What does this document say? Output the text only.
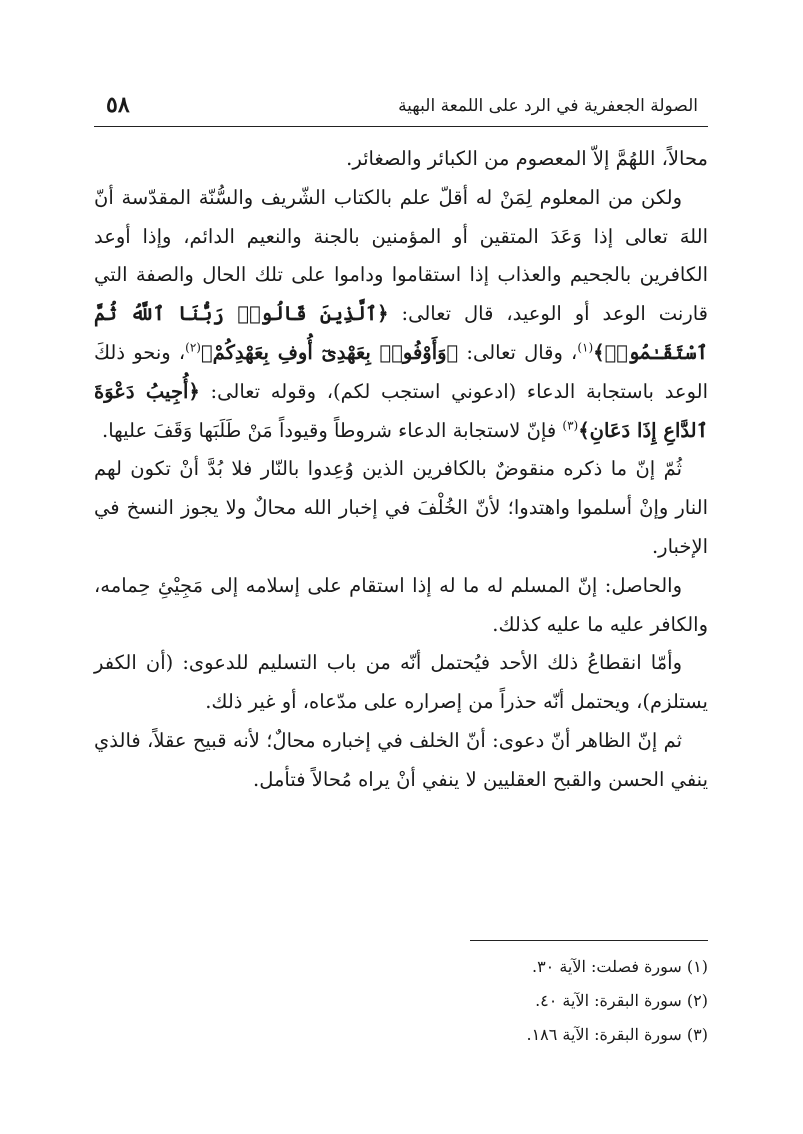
الصولة الجعفرية في الرد على اللمعة البهية
٥٨

محالاً، اللهُمَّ إلاّ المعصوم من الكبائر والصغائر.

ولكن من المعلوم لِمَنْ له أقلّ علم بالكتاب الشّريف والسُّنّة المقدّسة أنّ اللهَ تعالى إذا وَعَدَ المتقين أو المؤمنين بالجنة والنعيم الدائم، وإذا أوعد الكافرين بالجحيم والعذاب إذا استقاموا وداموا على تلك الحال والصفة التي قارنت الوعد أو الوعيد، قال تعالى: ﴿ٱلَّذِينَ قَالُوا۟ رَبُّنَا ٱللَّهُ ثُمَّ ٱسْتَقَـٰمُوا۟﴾$^{(١)}$، وقال تعالى: ﴿وَأَوْفُوا۟ بِعَهْدِىٓ أُوفِ بِعَهْدِكُمْ﴾$^{(٢)}$، ونحو ذلكَ الوعد باستجابة الدعاء (ادعوني استجب لكم)، وقوله تعالى: ﴿أُجِيبُ دَعْوَةَ ٱلدَّاعِ إِذَا دَعَانِ﴾$^{(٣)}$ فإنّ لاستجابة الدعاء شروطاً وقيوداً مَنْ طَلَبَها وَقَفَ عليها.

ثُمّ إنّ ما ذكره منقوضٌ بالكافرين الذين وُعِدوا بالنّار فلا بُدَّ أنْ تكون لهم النار وإنْ أسلموا واهتدوا؛ لأنّ الخُلْفَ في إخبار الله محالٌ ولا يجوز النسخ في الإخبار.

والحاصل: إنّ المسلم له ما له إذا استقام على إسلامه إلى مَجِيْئِ حِمامه، والكافر عليه ما عليه كذلك.

وأمّا انقطاعُ ذلك الأحد فيُحتمل أنّه من باب التسليم للدعوى: (أن الكفر يستلزم)، ويحتمل أنّه حذراً من إصراره على مدّعاه، أو غير ذلك.

ثم إنّ الظاهر أنّ دعوى: أنّ الخلف في إخباره محالٌ؛ لأنه قبيح عقلاً، فالذي ينفي الحسن والقبح العقليين لا ينفي أنْ يراه مُحالاً فتأمل.

(١) سورة فصلت: الآية ٣٠.

(٢) سورة البقرة: الآية ٤٠.

(٣) سورة البقرة: الآية ١٨٦.
